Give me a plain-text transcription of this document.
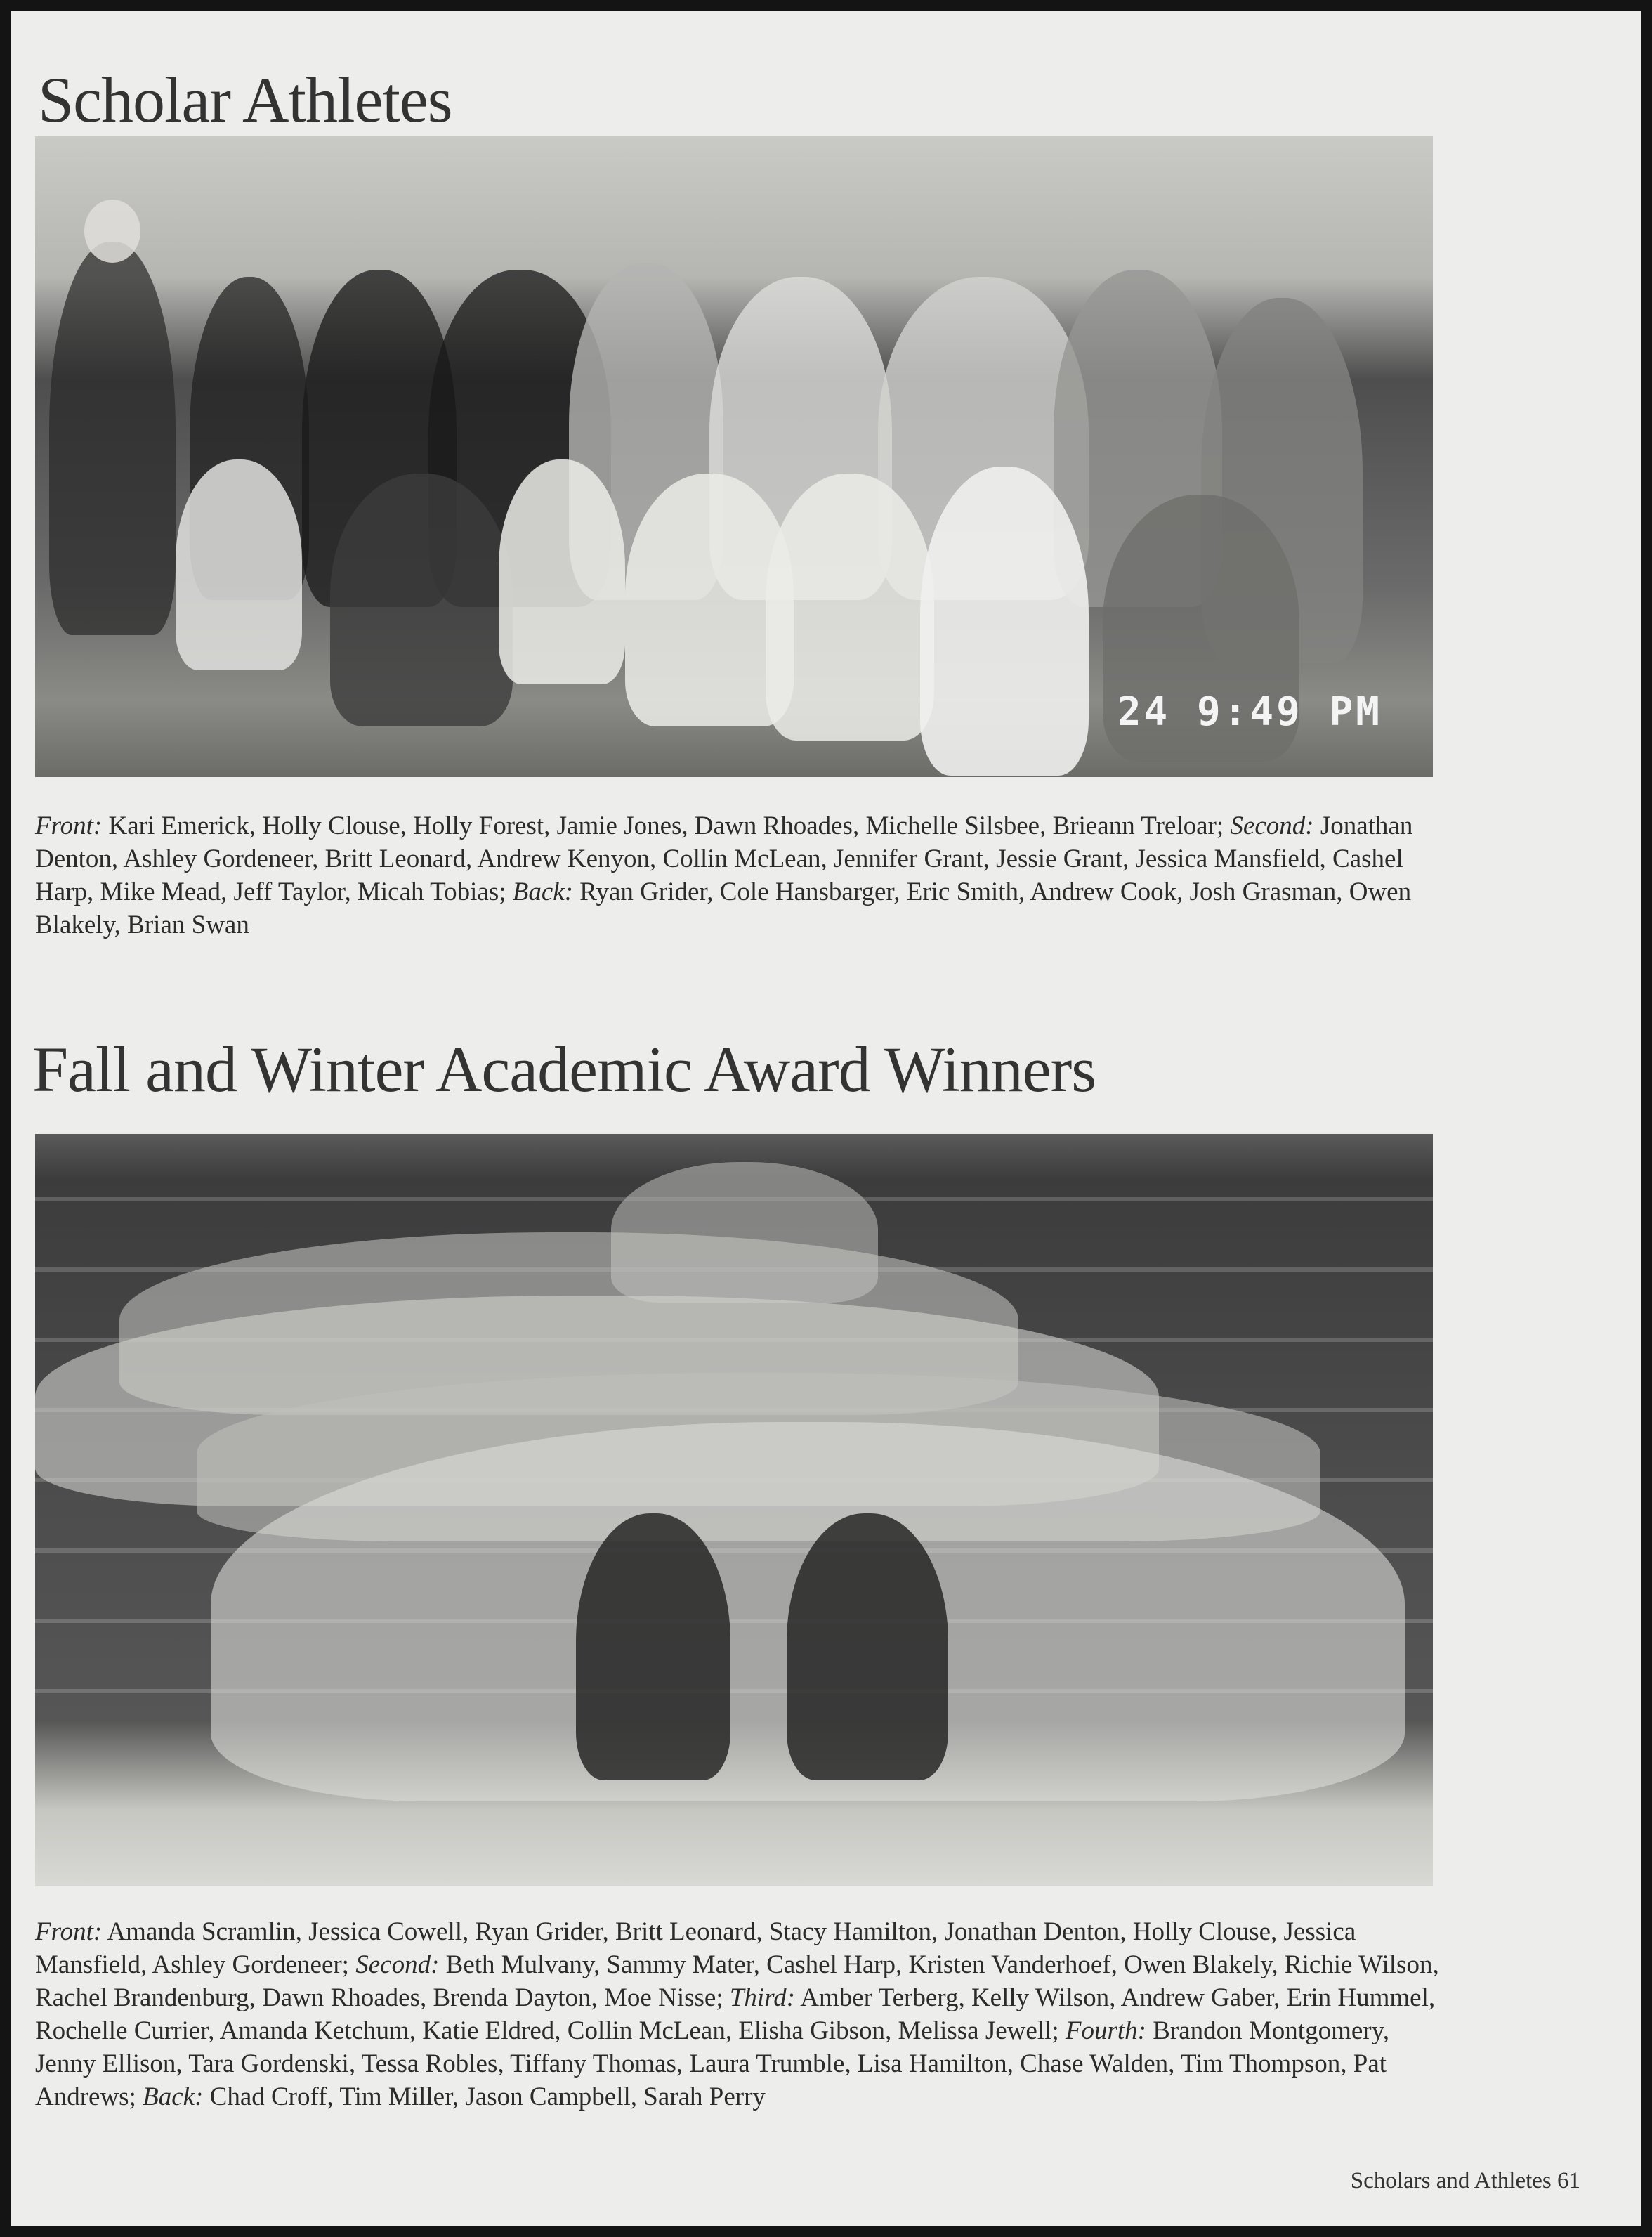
Scholar Athletes
24 9:49 PM

Front: Kari Emerick, Holly Clouse, Holly Forest, Jamie Jones, Dawn Rhoades, Michelle Silsbee, Brieann Treloar; Second: Jonathan Denton, Ashley Gordeneer, Britt Leonard, Andrew Kenyon, Collin McLean, Jennifer Grant, Jessie Grant, Jessica Mansfield, Cashel Harp, Mike Mead, Jeff Taylor, Micah Tobias; Back: Ryan Grider, Cole Hansbarger, Eric Smith, Andrew Cook, Josh Grasman, Owen Blakely, Brian Swan

Fall and Winter Academic Award Winners

Front: Amanda Scramlin, Jessica Cowell, Ryan Grider, Britt Leonard, Stacy Hamilton, Jonathan Denton, Holly Clouse, Jessica Mansfield, Ashley Gordeneer; Second: Beth Mulvany, Sammy Mater, Cashel Harp, Kristen Vanderhoef, Owen Blakely, Richie Wilson, Rachel Brandenburg, Dawn Rhoades, Brenda Dayton, Moe Nisse; Third: Amber Terberg, Kelly Wilson, Andrew Gaber, Erin Hummel, Rochelle Currier, Amanda Ketchum, Katie Eldred, Collin McLean, Elisha Gibson, Melissa Jewell; Fourth: Brandon Montgomery, Jenny Ellison, Tara Gordenski, Tessa Robles, Tiffany Thomas, Laura Trumble, Lisa Hamilton, Chase Walden, Tim Thompson, Pat Andrews; Back: Chad Croff, Tim Miller, Jason Campbell, Sarah Perry

Scholars and Athletes 61
